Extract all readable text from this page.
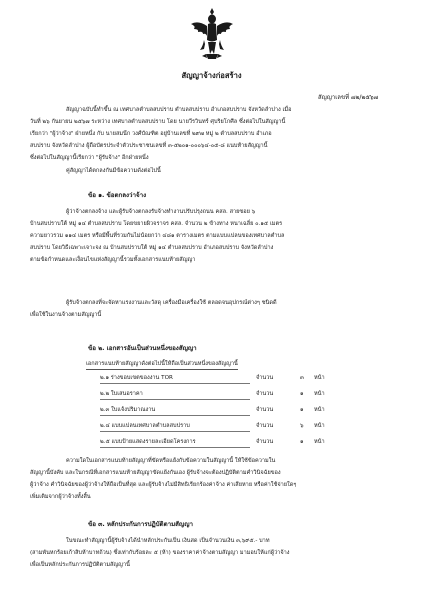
สัญญาจ้างก่อสร้าง
สัญญาเลขที่ ๗๒/๒๕๖๗
สัญญาฉบับนี้ทำขึ้น ณ เทศบาลตำบลสบปราบ ตำบลสบปราบ อำเภอสบปราบ จังหวัดลำปาง เมื่อ
วันที่ ๒๖ กันยายน ๒๕๖๗ ระหว่าง เทศบาลตำบลสบปราบ โดย นายวีรวินทร์ ศุบริยโกศีล ซึ่งต่อไปในสัญญานี้
เรียกว่า "ผู้ว่าจ้าง" ฝ่ายหนึ่ง กับ นายสมนึก วงศ์บัณฑิต อยู่บ้านเลขที่ ๒๙๗ หมู่ ๒ ตำบลสบปราบ อำเภอ
สบปราบ จังหวัดลำปาง ผู้ถือบัตรประจำตัวประชาชนเลขที่ ๓-๕๒๐๑-๐๐๐๖๔-๐๕-๘ แนบท้ายสัญญานี้
ซึ่งต่อไปในสัญญานี้เรียกว่า "ผู้รับจ้าง" อีกฝ่ายหนึ่ง
คู่สัญญาได้ตกลงกันมีข้อความดังต่อไปนี้
ข้อ ๑. ข้อตกลงว่าจ้าง
ผู้ว่าจ้างตกลงจ้าง และผู้รับจ้างตกลงรับจ้างทำงานปรับปรุงถนน คสล. สายซอย ๖
บ้านสบปราบใต้ หมู่ ๑๔ ตำบลสบปราบ โดยขยายผิวจราจร คสล. จำนวน ๒ ข้างทาง หนาเฉลี่ย ๐.๑๕ เมตร
ความยาวรวม ๑๑๔ เมตร หรือมีพื้นที่รวมกันไม่น้อยกว่า ๔๘๑ ตารางเมตร ตามแบบแปลนของเทศบาลตำบล
สบปราบ โดยวิธีเฉพาะเจาะจง ณ บ้านสบปราบใต้ หมู่ ๑๔ ตำบลสบปราบ อำเภอสบปราบ จังหวัดลำปาง
ตามข้อกำหนดและเงื่อนไขแห่งสัญญานี้รวมทั้งเอกสารแนบท้ายสัญญา
ผู้รับจ้างตกลงที่จะจัดหาแรงงานและวัสดุ เครื่องมือเครื่องใช้ ตลอดจนอุปกรณ์ต่างๆ ชนิดดี
เพื่อใช้ในงานจ้างตามสัญญานี้
ข้อ ๒. เอกสารอันเป็นส่วนหนึ่งของสัญญา
เอกสารแนบท้ายสัญญาดังต่อไปนี้ให้ถือเป็นส่วนหนึ่งของสัญญานี้
๒.๑ ร่างขอบเขตของงาน TOR	จำนวน	๓ หน้า
๒.๒ ใบเสนอราคา	จำนวน	๑ หน้า
๒.๓ ใบแจ้งปริมาณงาน	จำนวน	๑ หน้า
๒.๔ แบบแปลนเทศบาลตำบลสบปราบ	จำนวน	๖ หน้า
๒.๕ แบบป้ายแสดงรายละเอียดโครงการ	จำนวน	๑ หน้า
ความใดในเอกสารแนบท้ายสัญญาที่ขัดหรือแย้งกับข้อความในสัญญานี้ ให้ใช้ข้อความใน
สัญญานี้บังคับ และในกรณีที่เอกสารแนบท้ายสัญญาขัดแย้งกันเอง ผู้รับจ้างจะต้องปฏิบัติตามคำวินิจฉัยของ
ผู้ว่าจ้าง คำวินิจฉัยของผู้ว่าจ้างให้ถือเป็นที่สุด และผู้รับจ้างไม่มีสิทธิเรียกร้องค่าจ้าง ค่าเสียหาย หรือค่าใช้จ่ายใดๆ
เพิ่มเติมจากผู้ว่าจ้างทั้งสิ้น
ข้อ ๓. หลักประกันการปฏิบัติตามสัญญา
ในขณะทำสัญญานี้ผู้รับจ้างได้นำหลักประกันเป็น เงินสด เป็นจำนวนเงิน ๓,๖๙๕.- บาท
(สามพันหกร้อยเก้าสิบห้าบาทถ้วน) ซึ่งเท่ากับร้อยละ ๕ (ห้า) ของราคาค่าจ้างตามสัญญา มามอบให้แก่ผู้ว่าจ้าง
เพื่อเป็นหลักประกันการปฏิบัติตามสัญญานี้
